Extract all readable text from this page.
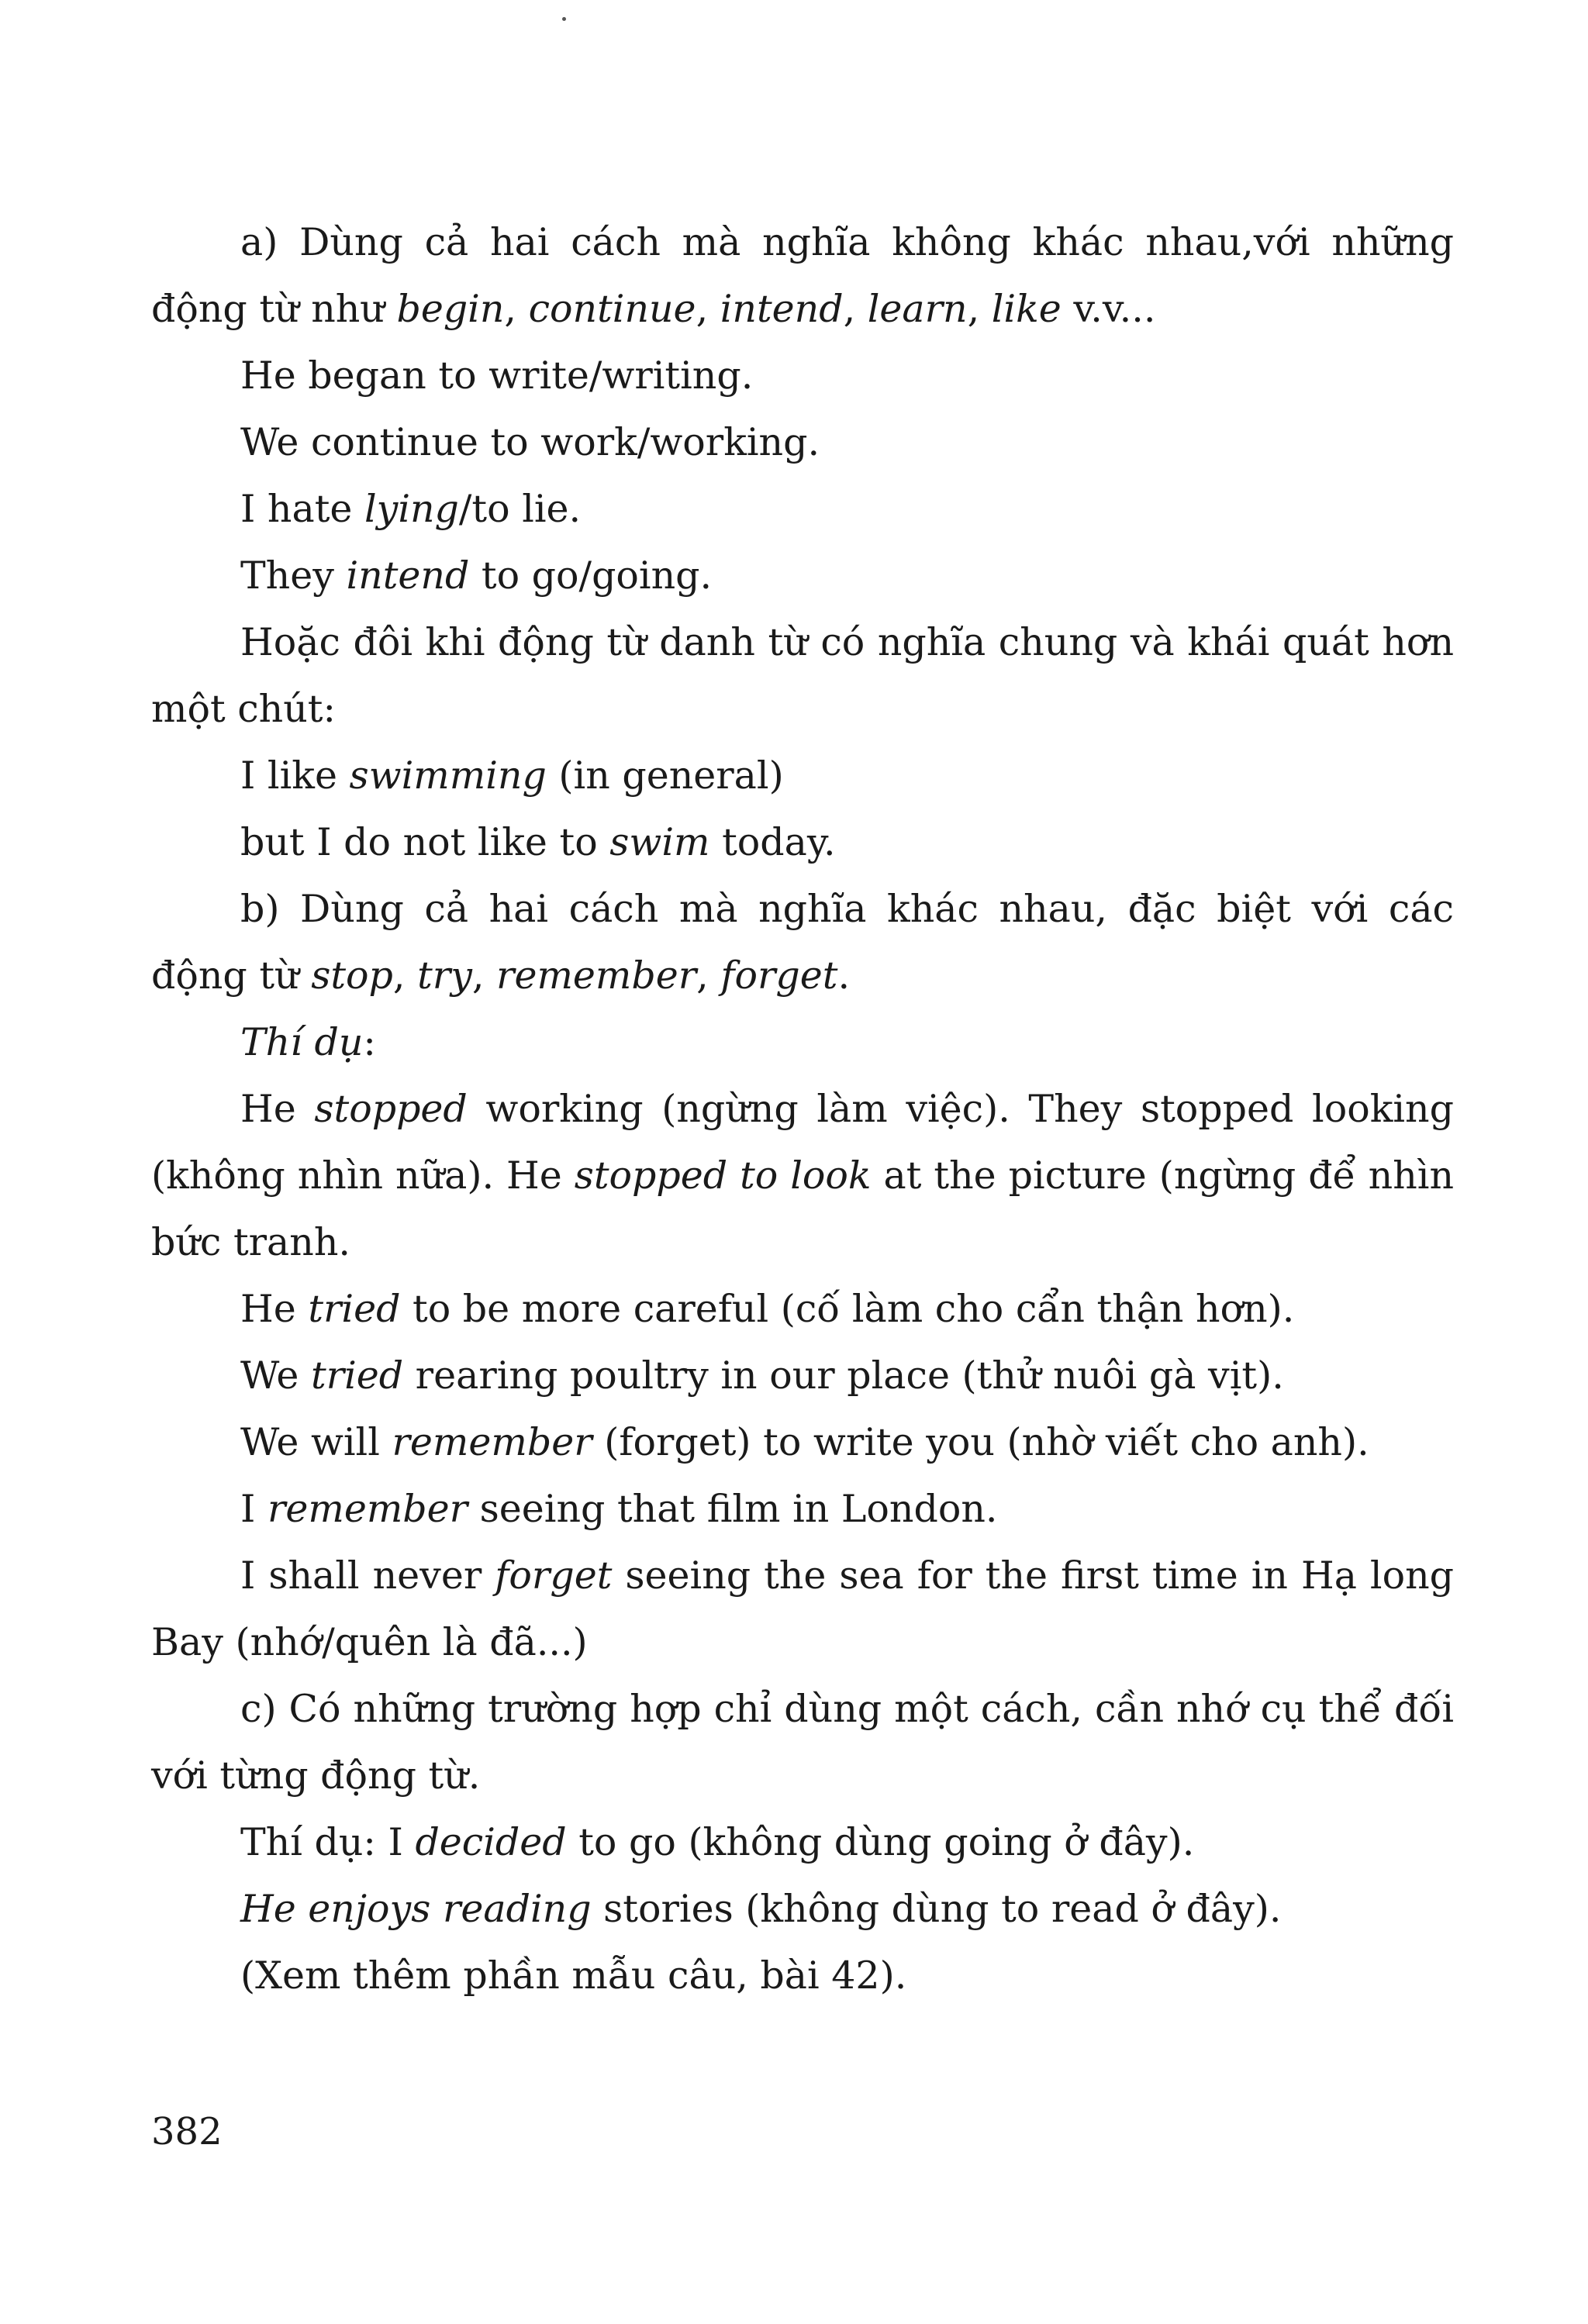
a) Dùng cả hai cách mà nghĩa không khác nhau,với những động từ như begin, continue, intend, learn, like v.v...

He began to write/writing.

We continue to work/working.

I hate lying/to lie.

They intend to go/going.

Hoặc đôi khi động từ danh từ có nghĩa chung và khái quát hơn một chút:

I like swimming (in general)

but I do not like to swim today.

b) Dùng cả hai cách mà nghĩa khác nhau, đặc biệt với các động từ stop, try, remember, forget.

Thí dụ:

He stopped working (ngừng làm việc). They stopped looking (không nhìn nữa). He stopped to look at the picture (ngừng để nhìn bức tranh.

He tried to be more careful (cố làm cho cẩn thận hơn).

We tried rearing poultry in our place (thử nuôi gà vịt).

We will remember (forget) to write you (nhờ viết cho anh).

I remember seeing that film in London.

I shall never forget seeing the sea for the first time in Hạ long Bay (nhớ/quên là đã...)

c) Có những trường hợp chỉ dùng một cách, cần nhớ cụ thể đối với từng động từ.

Thí dụ: I decided to go (không dùng going ở đây).

He enjoys reading stories (không dùng to read ở đây).

(Xem thêm phần mẫu câu, bài 42).

382
